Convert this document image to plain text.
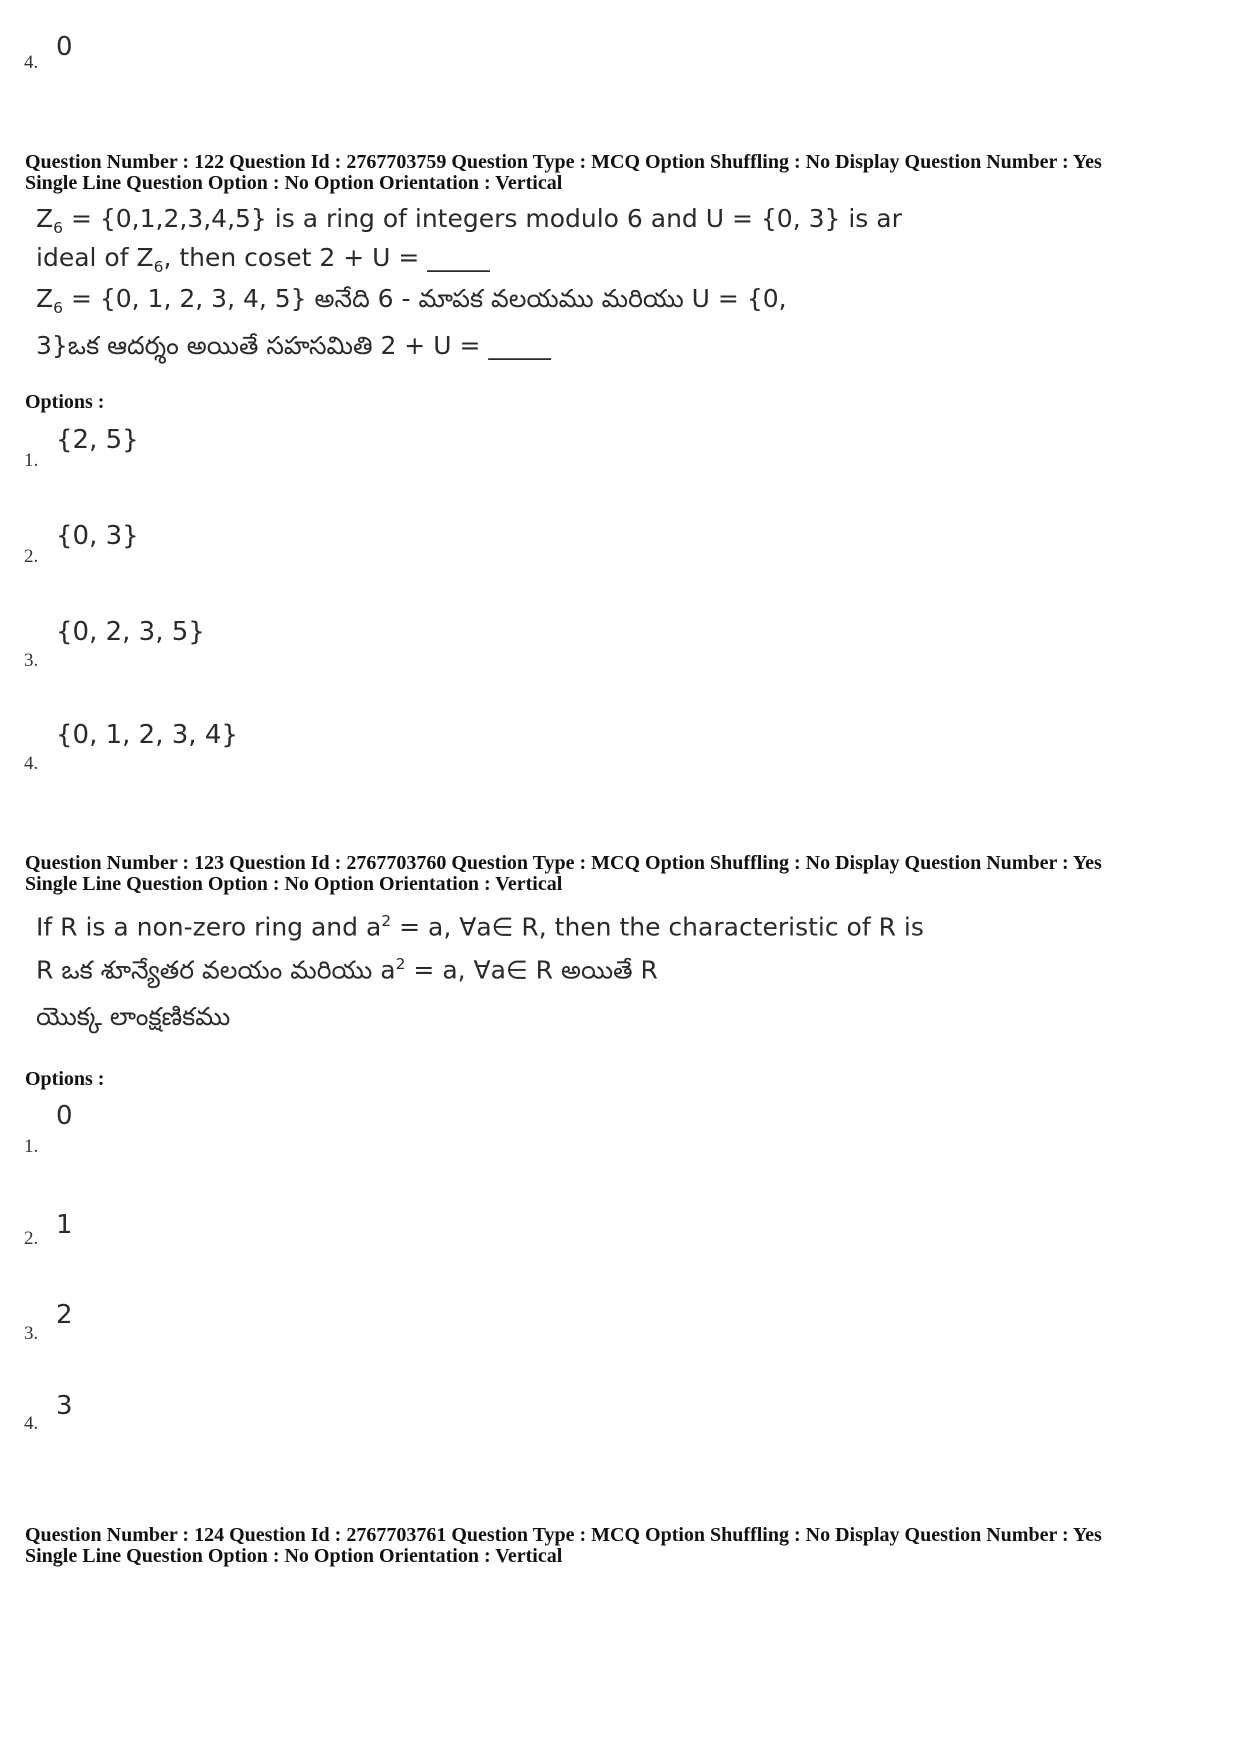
4.
0
Question Number : 122 Question Id : 2767703759 Question Type : MCQ Option Shuffling : No Display Question Number : Yes
Single Line Question Option : No Option Orientation : Vertical
$Z_6 = \{0,1,2,3,4,5\}$ is a ring of integers modulo 6 and U = {0, 3} is ar
ideal of $Z_6$, then coset 2 + U = _____
$Z_6 = \{0$, 1, 2, 3, 4, 5} అనేది 6 - మాపక వలయము మరియు U = {0,
3}ఒక ఆదర్శం అయితే సహసమితి 2 + U = _____
Options :
1.
{2, 5}
2.
{0, 3}
3.
{0, 2, 3, 5}
4.
{0, 1, 2, 3, 4}
Question Number : 123 Question Id : 2767703760 Question Type : MCQ Option Shuffling : No Display Question Number : Yes
Single Line Question Option : No Option Orientation : Vertical
If R is a non-zero ring and $a^2 = a$, ∀a∈ R, then the characteristic of R is
R ఒక శూన్యేతర వలయం మరియు $a^2 = a$, ∀a∈ R అయితే R
యొక్క లాంక్షణికము
Options :
1.
0
2. 1
3.
2
4.
3
Question Number : 124 Question Id : 2767703761 Question Type : MCQ Option Shuffling : No Display Question Number : Yes
Single Line Question Option : No Option Orientation : Vertical
